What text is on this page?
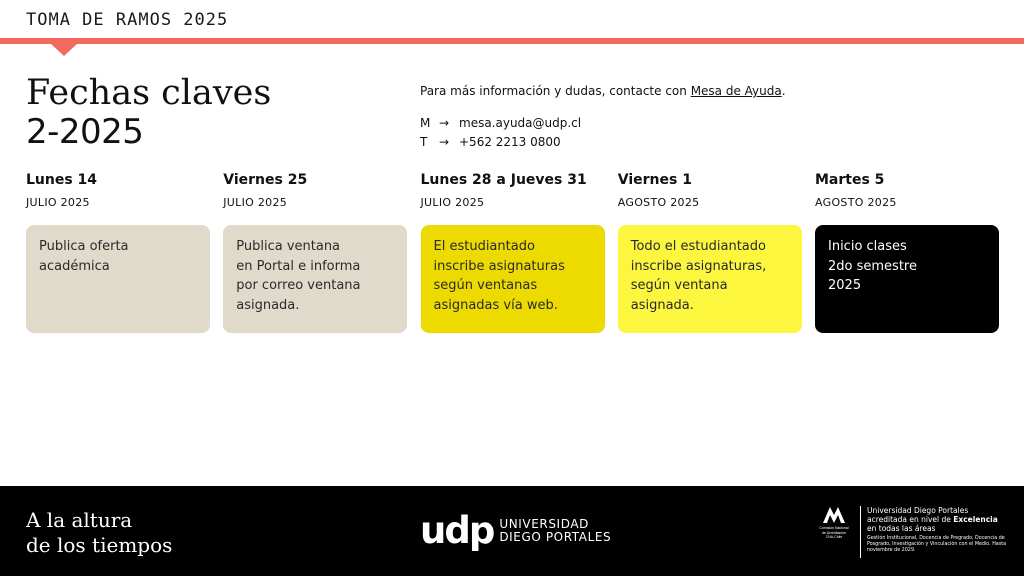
TOMA DE RAMOS 2025
Fechas claves
2-2025
Para más información y dudas, contacte con Mesa de Ayuda.
M → mesa.ayuda@udp.cl
T → +562 2213 0800
Lunes 14
JULIO 2025
Publica oferta
académica
Viernes 25
JULIO 2025
Publica ventana
en Portal e informa
por correo ventana
asignada.
Lunes 28 a Jueves 31
JULIO 2025
El estudiantado
inscribe asignaturas
según ventanas
asignadas vía web.
Viernes 1
AGOSTO 2025
Todo el estudiantado
inscribe asignaturas,
según ventana
asignada.
Martes 5
AGOSTO 2025
Inicio clases
2do semestre
2025
A la altura
de los tiempos	udp UNIVERSIDAD
DIEGO PORTALES
Comisión Nacional
de Acreditación
CNA-Chile
Universidad Diego Portales
acreditada en nivel de Excelencia
en todas las áreas
Gestión Institucional, Docencia de Pregrado, Docencia de Posgrado, Investigación y Vinculación con el Medio. Hasta noviembre de 2029.
